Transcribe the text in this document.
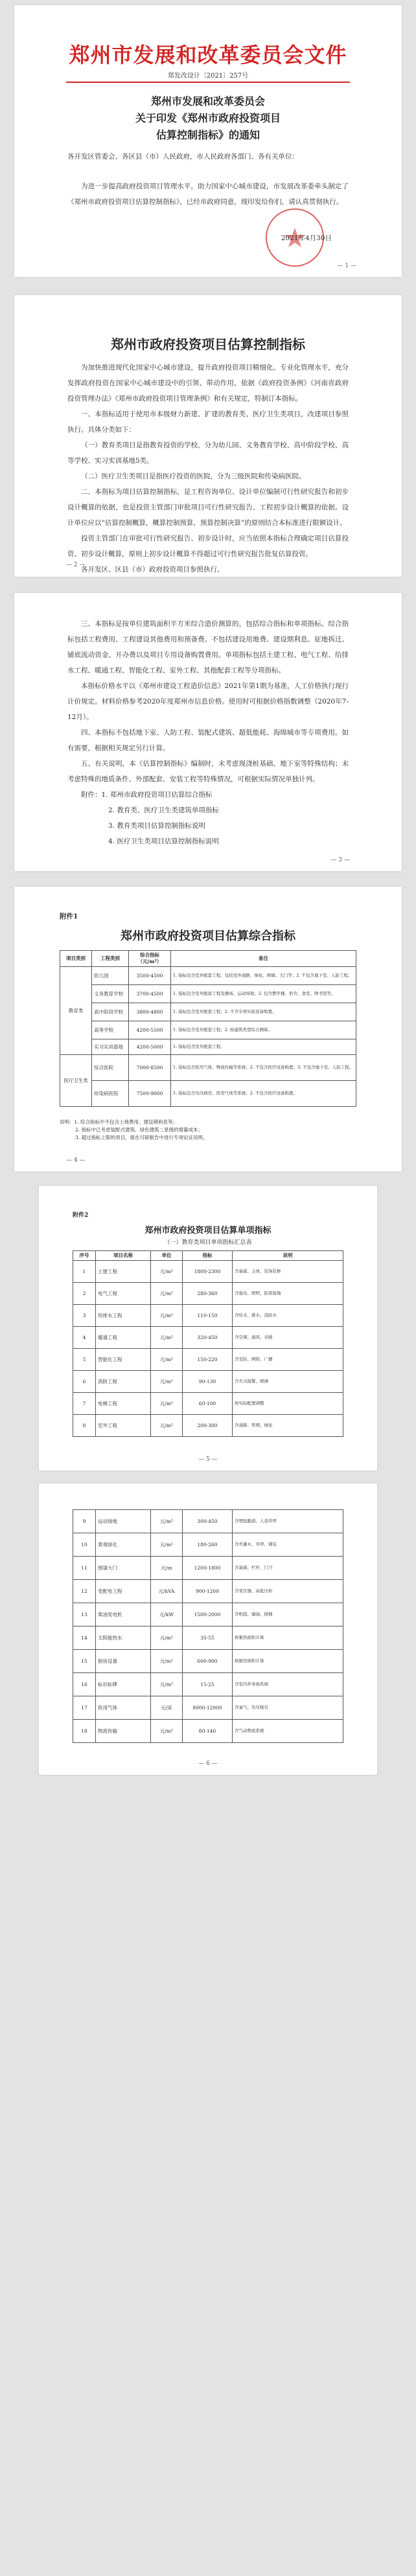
郑州市发展和改革委员会文件
郑发改设计〔2021〕257号
郑州市发展和改革委员会
关于印发《郑州市政府投资项目
估算控制指标》的通知

各开发区管委会、各区县（市）人民政府，市人民政府各部门、各有关单位：

为进一步提高政府投资项目管理水平，助力国家中心城市建设，市发展改革委牵头制定了《郑州市政府投资项目估算控制指标》，已经市政府同意，现印发给你们，请认真贯彻执行。

2021年4月30日
— 1 —
郑州市政府投资项目估算控制指标

为加快推进现代化国家中心城市建设，提升政府投资项目精细化、专业化管理水平，充分发挥政府投资在国家中心城市建设中的引领、带动作用，依据《政府投资条例》《河南省政府投资管理办法》《郑州市政府投资项目管理条例》和有关规定，特制订本指标。

一、本指标适用于使用市本级财力新建、扩建的教育类、医疗卫生类项目，改建项目参照执行。具体分类如下：

（一）教育类项目是指教育投资的学校，分为幼儿园、义务教育学校、高中阶段学校、高等学校、实习实训基地5类。

（二）医疗卫生类项目是指医疗投资的医院，分为三级医院和传染病医院。

二、本指标为项目估算控制指标，是工程咨询单位、设计单位编制可行性研究报告和初步设计概算的依据，也是投资主管部门审批项目可行性研究报告、工程初步设计概算的依据。设计单位应以“估算控制概算，概算控制预算，预算控制决算”的原则结合本标准进行限额设计。

投资主管部门在审批可行性研究报告、初步设计时，应当依照本指标合理确定项目估算投资、初步设计概算，原则上初步设计概算不得超过可行性研究报告批复估算投资。

各开发区、区县（市）政府投资项目参照执行。

— 2 —

三、本指标是按单位建筑面积平方米综合造价测算的，包括综合指标和单项指标。综合指标包括工程费用、工程建设其他费用和预备费。不包括建设用地费、建设期利息、征地拆迁、铺底流动资金、开办费以及项目专用设备购置费用。单项指标包括土建工程、电气工程、给排水工程、暖通工程、智能化工程、室外工程、其他配套工程等分项指标。

本指标价格水平以《郑州市建设工程造价信息》2021年第1期为基准，人工价格执行现行计价规定。材料价格参考2020年度郑州市信息价格。使用时可根据价格指数调整（2020年7-12月）。

四、本指标不包括地下室、人防工程、装配式建筑、超低能耗、海绵城市等专项费用。如有需要，根据相关规定另行计算。

五、有关说明，本《估算控制指标》编制时，未考虑现浇桩基础、地下室等特殊结构；未考虑特殊的地质条件、外部配套、安装工程等特殊情况，可根据实际情况单独计列。

附件：1. 郑州市政府投资项目估算综合指标

2. 教育类、医疗卫生类建筑单项指标

3. 教育类项目估算控制指标说明

4. 医疗卫生类项目估算控制指标说明

— 3 —
附件1
郑州市政府投资项目估算综合指标
项目类别	工程类别	综合指标（元/m²）	备注
教育类	幼儿园	3500-4500	1. 指标包含室外配套工程，包括室外道路、绿化、围墙、大门等；2. 不包含地下室、人防工程。
	义务教育学校	3700-4500	1. 指标包含室外配套工程及操场、运动场地；2. 包含教学楼、宿舍、食堂、图书馆等。
	高中阶段学校	3800-4800	1. 指标包含室外配套工程；2. 不含专项实验设备购置。
	高等学校	4200-5500	1. 指标包含室外配套工程；2. 按建筑类型综合测算。
	实习实训基地	4200-5000	1. 指标包含室外配套工程。
医疗卫生类	综合医院	7000-8500	1. 指标包含医用气体、物流传输等系统；2. 不包含医疗设备购置；3. 不包含地下室、人防工程。
	传染病医院	7500-9000	1. 指标包含负压病房、医用气体等系统；2. 不包含医疗设备购置。
说明：1. 综合指标中不包含土地费用、建设期利息等；
2. 指标中已考虑装配式建筑、绿色建筑二星级的增量成本；
3. 超过指标上限的项目，需在可研报告中进行专项论证说明。
— 4 —
附件2
郑州市政府投资项目估算单项指标
（一）教育类项目单项指标汇总表
序号	项目名称	单位	指标	说明
1	土建工程	元/m²	1800-2300	含基础、主体、装饰装修
2	电气工程	元/m²	280-360	含强电、照明、防雷接地
3	给排水工程	元/m²	110-150	含给水、排水、消防水
4	暖通工程	元/m²	320-450	含空调、通风、采暖
5	智能化工程	元/m²	150-220	含安防、网络、广播
6	消防工程	元/m²	90-130	含火灾报警、喷淋
7	电梯工程	元/m²	60-100	按实际配置调整
8	室外工程	元/m²	200-300	含道路、管网、绿化
— 5 —
9	运动场地	元/m²	300-450	含塑胶跑道、人造草坪
10	景观绿化	元/m²	180-260	含乔灌木、草坪、铺装
11	围墙大门	元/m	1200-1800	含基础、栏杆、门卫
12	变配电工程	元/kVA	900-1200	含变压器、高低压柜
13	柴油发电机	元/kW	1500-2000	含机组、储油、排烟
14	太阳能热水	元/m²	35-55	按集热面积计算
15	厨房设备	元/m²	600-900	按厨房面积计算
16	标识标牌	元/m²	15-25	含室内外导视系统
17	医用气体	元/床	8000-12000	含氧气、负压吸引
18	物流传输	元/m²	80-140	含气动物流系统
— 6 —
